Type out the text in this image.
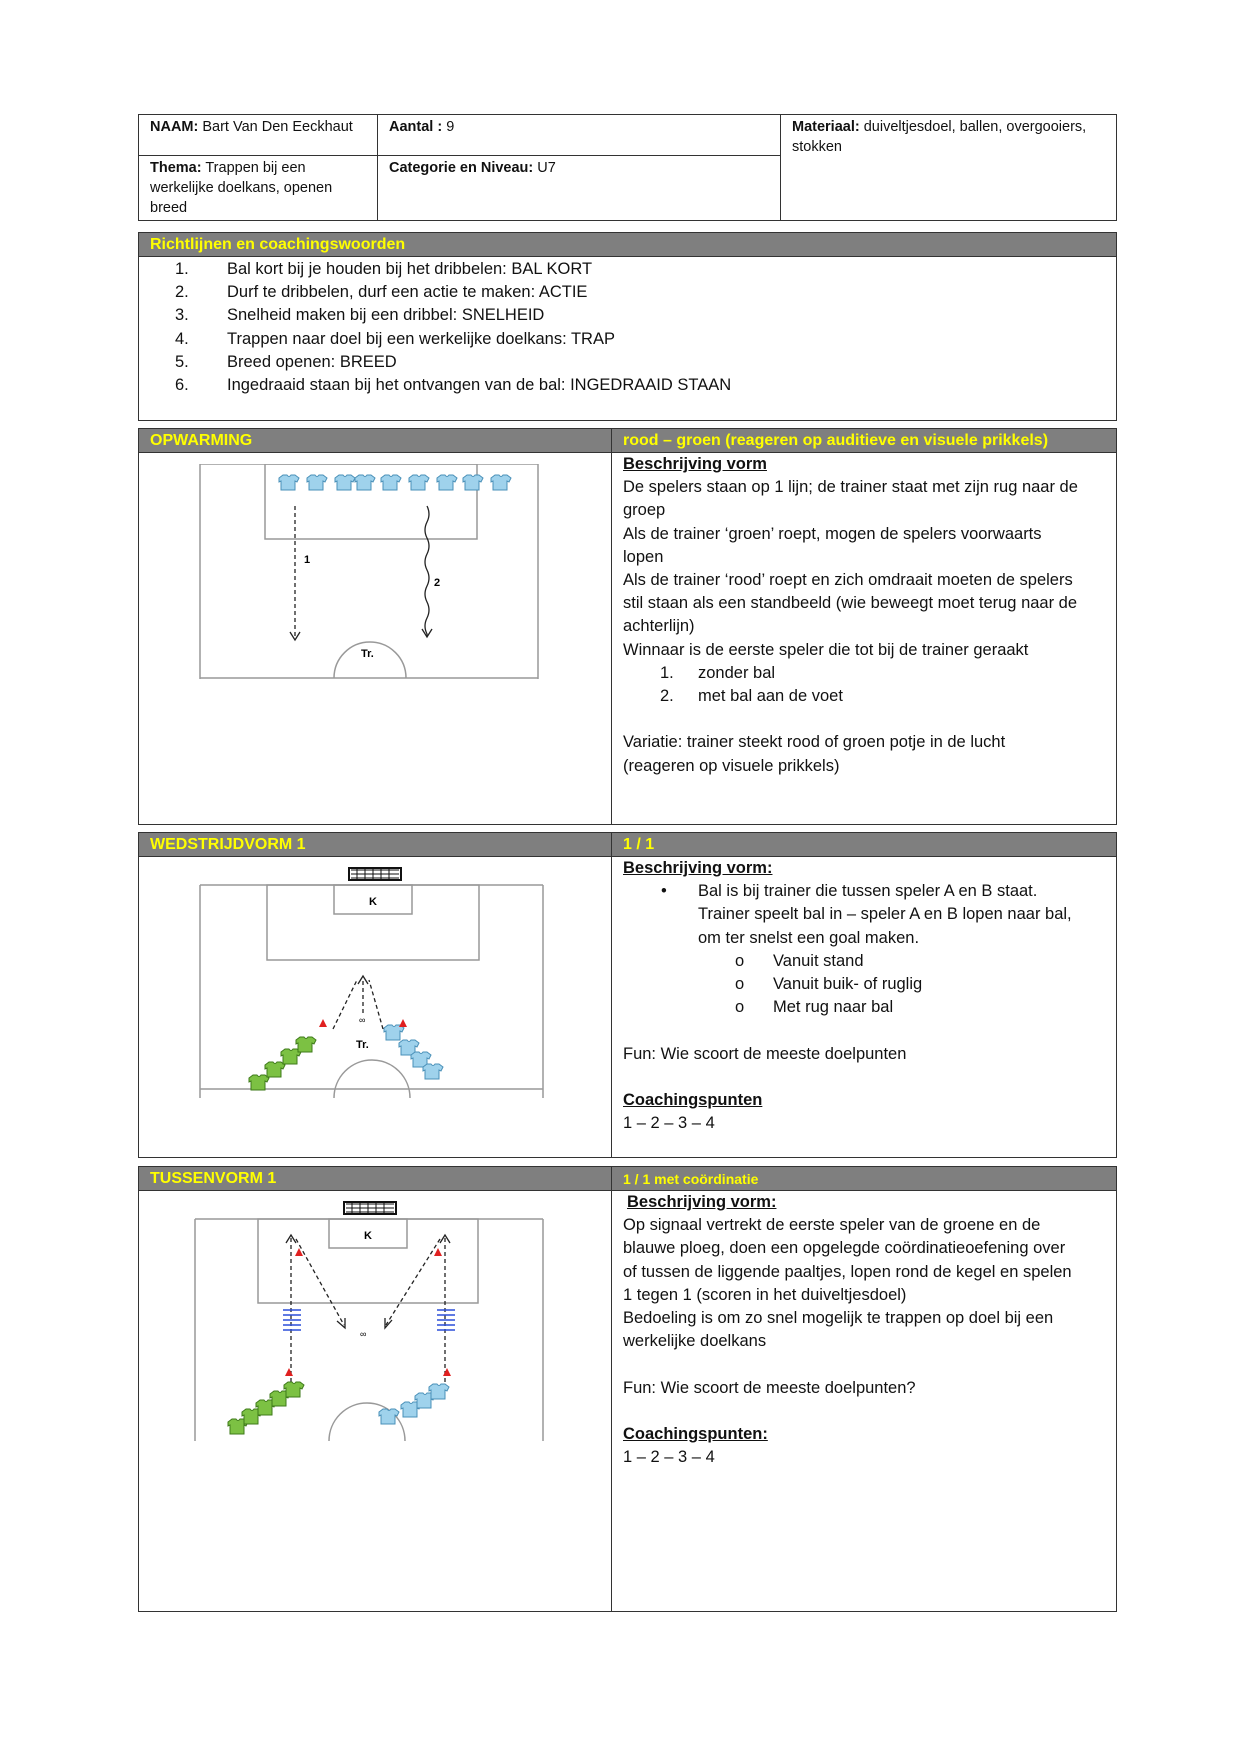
NAAM: Bart Van Den Eeckhaut	Aantal : 9	Materiaal: duiveltjesdoel, ballen, overgooiers, stokken
Thema: Trappen bij een werkelijke doelkans, openen breed	Categorie en Niveau: U7	
Richtlijnen en coachingswoorden
1. Bal kort bij je houden bij het dribbelen: BAL KORT
2. Durf te dribbelen, durf een actie te maken: ACTIE
3. Snelheid maken bij een dribbel: SNELHEID
4. Trappen naar doel bij een werkelijke doelkans: TRAP
5. Breed openen: BREED
6. Ingedraaid staan bij het ontvangen van de bal: INGEDRAAID STAAN
OPWARMING
1
2
Tr.
rood – groen (reageren op auditieve en visuele prikkels)
Beschrijving vorm
De spelers staan op 1 lijn; de trainer staat met zijn rug naar de
groep
Als de trainer ‘groen’ roept, mogen de spelers voorwaarts
lopen
Als de trainer ‘rood’ roept en zich omdraait moeten de spelers
stil staan als een standbeeld (wie beweegt moet terug naar de
achterlijn)
Winnaar is de eerste speler die tot bij de trainer geraakt

1. zonder bal

2. met bal aan de voet
Variatie: trainer steekt rood of groen potje in de lucht
(reageren op visuele prikkels)
WEDSTRIJDVORM 1
K
∞
Tr.
1 / 1
Beschrijving vorm:

• Bal is bij trainer die tussen speler A en B staat.
Trainer speelt bal in – speler A en B lopen naar bal,
om ter snelst een goal maken.

o Vanuit stand

o Vanuit buik- of ruglig

o Met rug naar bal
Fun: Wie scoort de meeste doelpunten
Coachingspunten
1 – 2 – 3 – 4
TUSSENVORM 1
K
∞
1 / 1 met coördinatie
Beschrijving vorm:
Op signaal vertrekt de eerste speler van de groene en de
blauwe ploeg, doen een opgelegde coördinatieoefening over
of tussen de liggende paaltjes, lopen rond de kegel en spelen
1 tegen 1 (scoren in het duiveltjesdoel)
Bedoeling is om zo snel mogelijk te trappen op doel bij een
werkelijke doelkans
Fun: Wie scoort de meeste doelpunten?
Coachingspunten:
1 – 2 – 3 – 4
